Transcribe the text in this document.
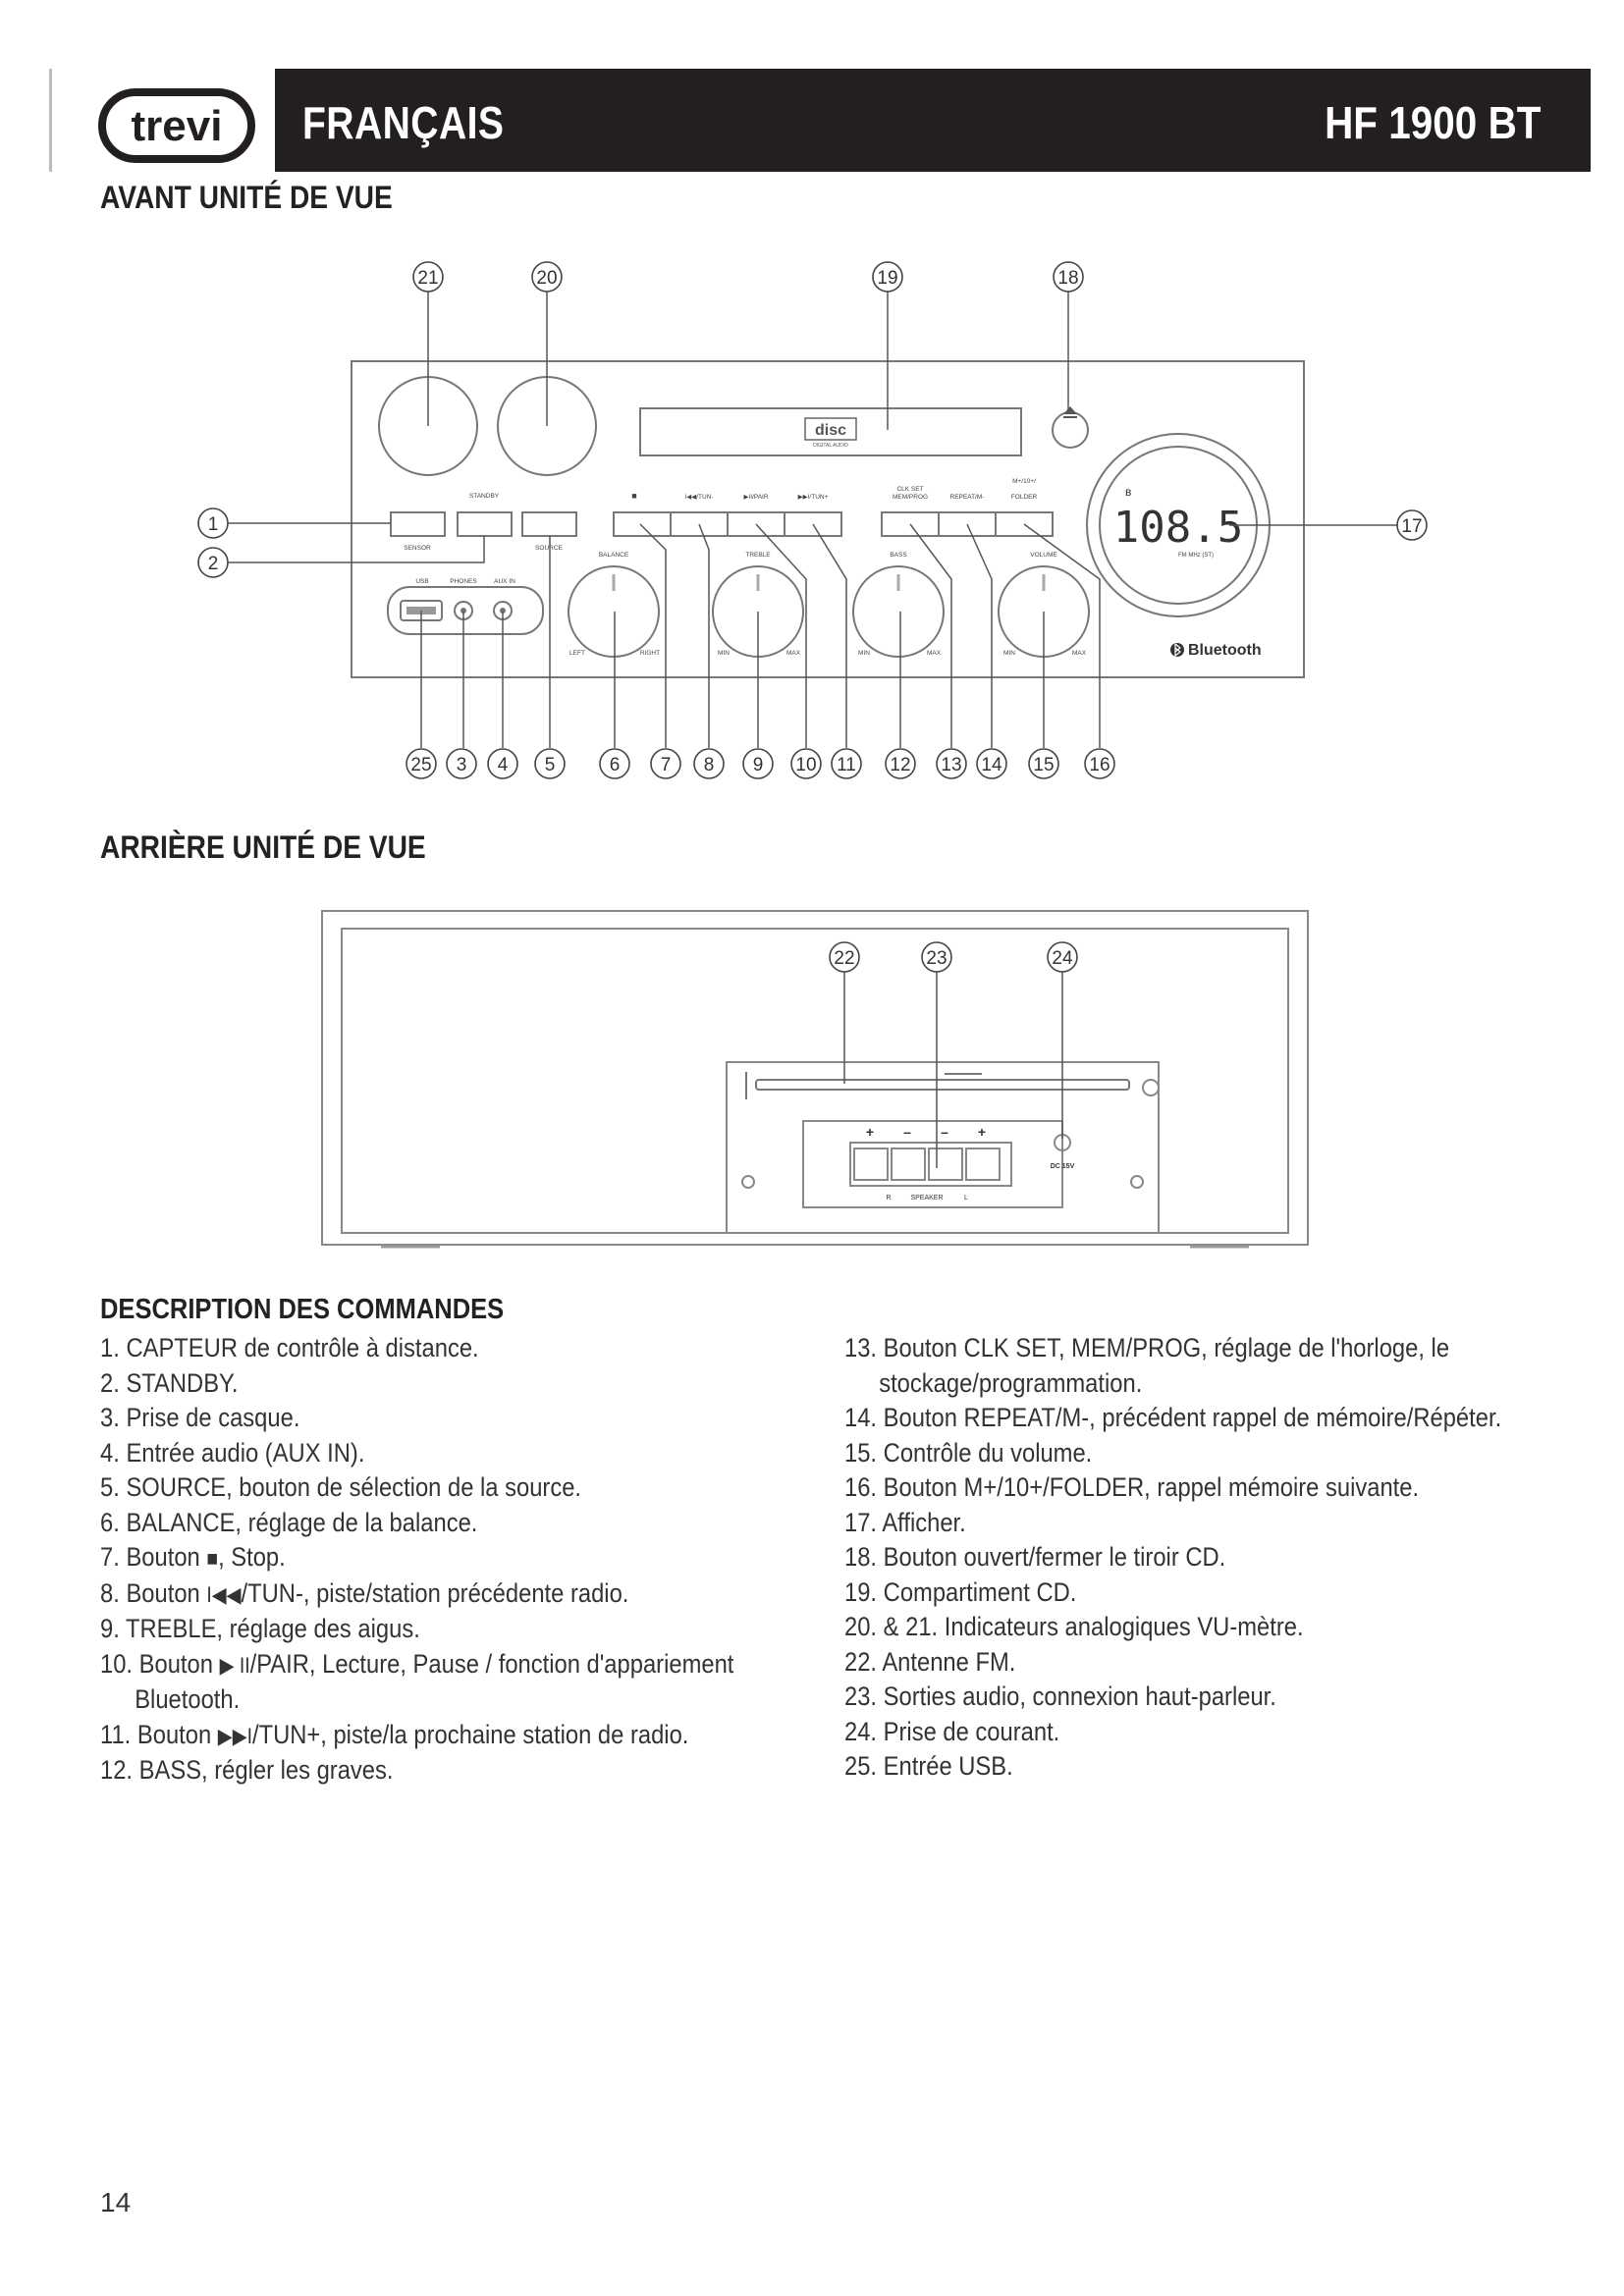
trevi FRANÇAIS	HF 1900 BT
AVANT UNITÉ DE VUE
disc
DIGITAL AUDIO
STANDBY
SENSOR	SOURCE
■	I◀◀/TUN-	▶II/PAIR	▶▶I/TUN+
CLK SET
MEM/PROG	REPEAT/M-
M+/10+/
FOLDER
USB	PHONES	AUX IN
BALANCE
LEFT	RIGHT
TREBLE
MIN	MAX
BASS
MIN	MAX
VOLUME
MIN	MAX
108.5
FM MHz (ST)
ʙ
Bluetooth
21	20	19	18
1
2
17
25 3 4 5	6 7 8 9 10 11 12 13 14 15 16
ARRIÈRE UNITÉ DE VUE
+ – – +
R	SPEAKER	L
DC 15V
22	23	24
DESCRIPTION DES COMMANDES
1. CAPTEUR de contrôle à distance.
2. STANDBY.
3. Prise de casque.
4. Entrée audio (AUX IN).
5. SOURCE, bouton de sélection de la source.
6. BALANCE, réglage de la balance.
7. Bouton ■, Stop.
8. Bouton I◀◀/TUN-, piste/station précédente radio.
9. TREBLE, réglage des aigus.
10. Bouton ▶ II/PAIR, Lecture, Pause / fonction d'appariement
Bluetooth.
11. Bouton ▶▶I/TUN+, piste/la prochaine station de radio.
12. BASS, régler les graves.
13. Bouton CLK SET, MEM/PROG, réglage de l'horloge, le
stockage/programmation.
14. Bouton REPEAT/M-, précédent rappel de mémoire/Répéter.
15. Contrôle du volume.
16. Bouton M+/10+/FOLDER, rappel mémoire suivante.
17. Afficher.
18. Bouton ouvert/fermer le tiroir CD.
19. Compartiment CD.
20. & 21. Indicateurs analogiques VU-mètre.
22. Antenne FM.
23. Sorties audio, connexion haut-parleur.
24. Prise de courant.
25. Entrée USB.
14
